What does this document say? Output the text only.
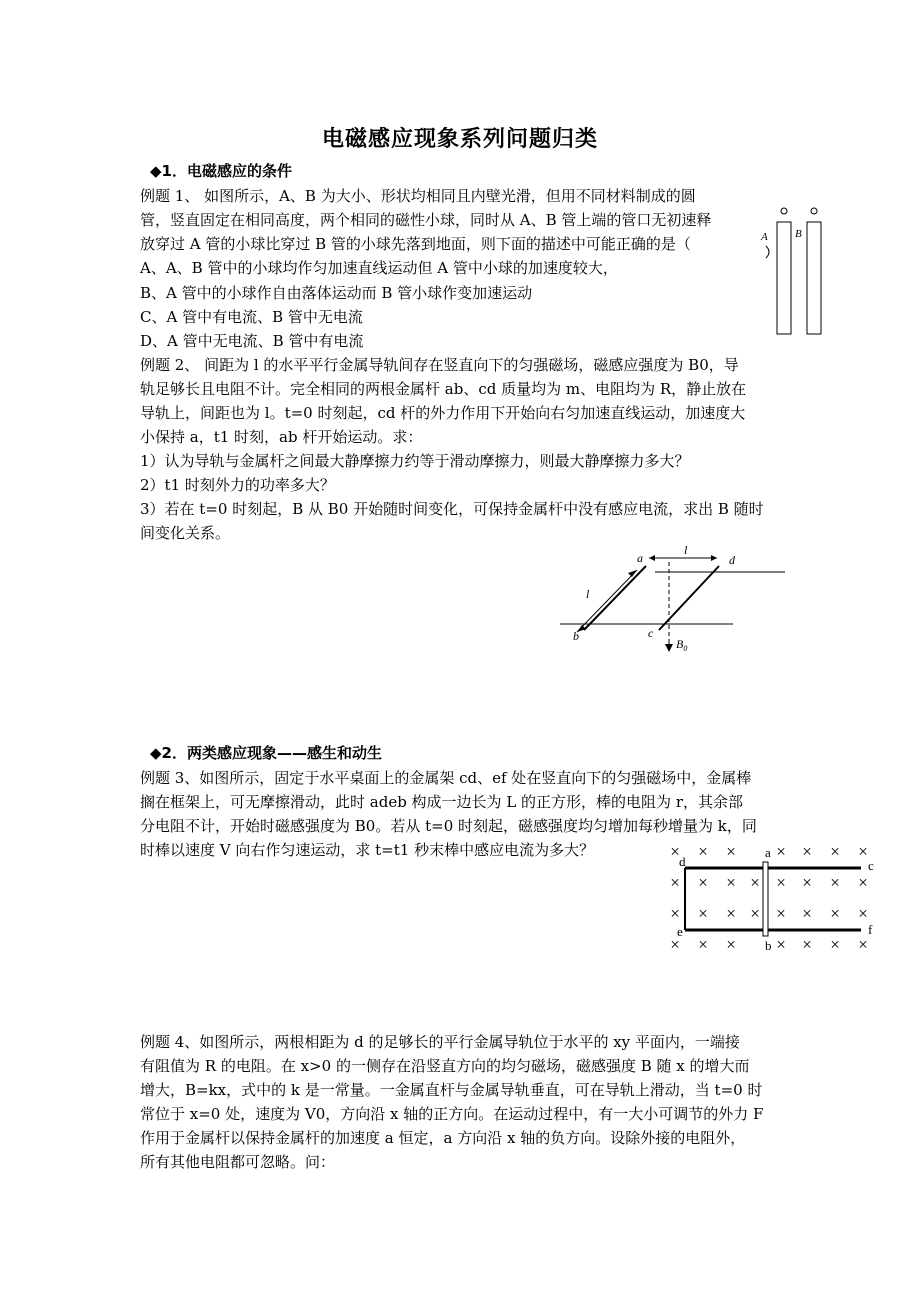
电磁感应现象系列问题归类
◆1．电磁感应的条件
例题 1、 如图所示，A、B 为大小、形状均相同且内壁光滑，但用不同材料制成的圆
管，竖直固定在相同高度，两个相同的磁性小球，同时从 A、B 管上端的管口无初速释
放穿过 A 管的小球比穿过 B 管的小球先落到地面，则下面的描述中可能正确的是（
A、A、B 管中的小球均作匀加速直线运动但 A 管中小球的加速度较大，
B、A 管中的小球作自由落体运动而 B 管小球作变加速运动
C、A 管中有电流、B 管中无电流
D、A 管中无电流、B 管中有电流
例题 2、 间距为 l 的水平平行金属导轨间存在竖直向下的匀强磁场，磁感应强度为 B0，导
轨足够长且电阻不计。完全相同的两根金属杆 ab、cd 质量均为 m、电阻均为 R，静止放在
导轨上，间距也为 l。t=0 时刻起，cd 杆的外力作用下开始向右匀加速直线运动，加速度大
小保持 a，t1 时刻，ab 杆开始运动。求：
1）认为导轨与金属杆之间最大静摩擦力约等于滑动摩擦力，则最大静摩擦力多大？
2）t1 时刻外力的功率多大？
3）若在 t=0 时刻起，B 从 B0 开始随时间变化，可保持金属杆中没有感应电流，求出 B 随时
间变化关系。
◆2．两类感应现象——感生和动生
例题 3、如图所示，固定于水平桌面上的金属架 cd、ef 处在竖直向下的匀强磁场中，金属棒
搁在框架上，可无摩擦滑动，此时 adeb 构成一边长为 L 的正方形，棒的电阻为 r，其余部
分电阻不计，开始时磁感强度为 B0。若从 t=0 时刻起，磁感强度均匀增加每秒增量为 k，同
时棒以速度 V 向右作匀速运动，求 t=t1 秒末棒中感应电流为多大？
例题 4、如图所示，两根相距为 d 的足够长的平行金属导轨位于水平的 xy 平面内，一端接
有阻值为 R 的电阻。在 x>0 的一侧存在沿竖直方向的均匀磁场，磁感强度 B 随 x 的增大而
增大，B=kx，式中的 k 是一常量。一金属直杆与金属导轨垂直，可在导轨上滑动，当 t=0 时
常位于 x=0 处，速度为 V0，方向沿 x 轴的正方向。在运动过程中，有一大小可调节的外力 F
作用于金属杆以保持金属杆的加速度 a 恒定，a 方向沿 x 轴的负方向。设除外接的电阻外，
所有其他电阻都可忽略。问：
A B
l
l
a
b	c
d
$B_0$
× × × × × × ×
× × × × × × × ×
× × × × × × × ×
× × × × × × ×
d
a
c
e
b
f
